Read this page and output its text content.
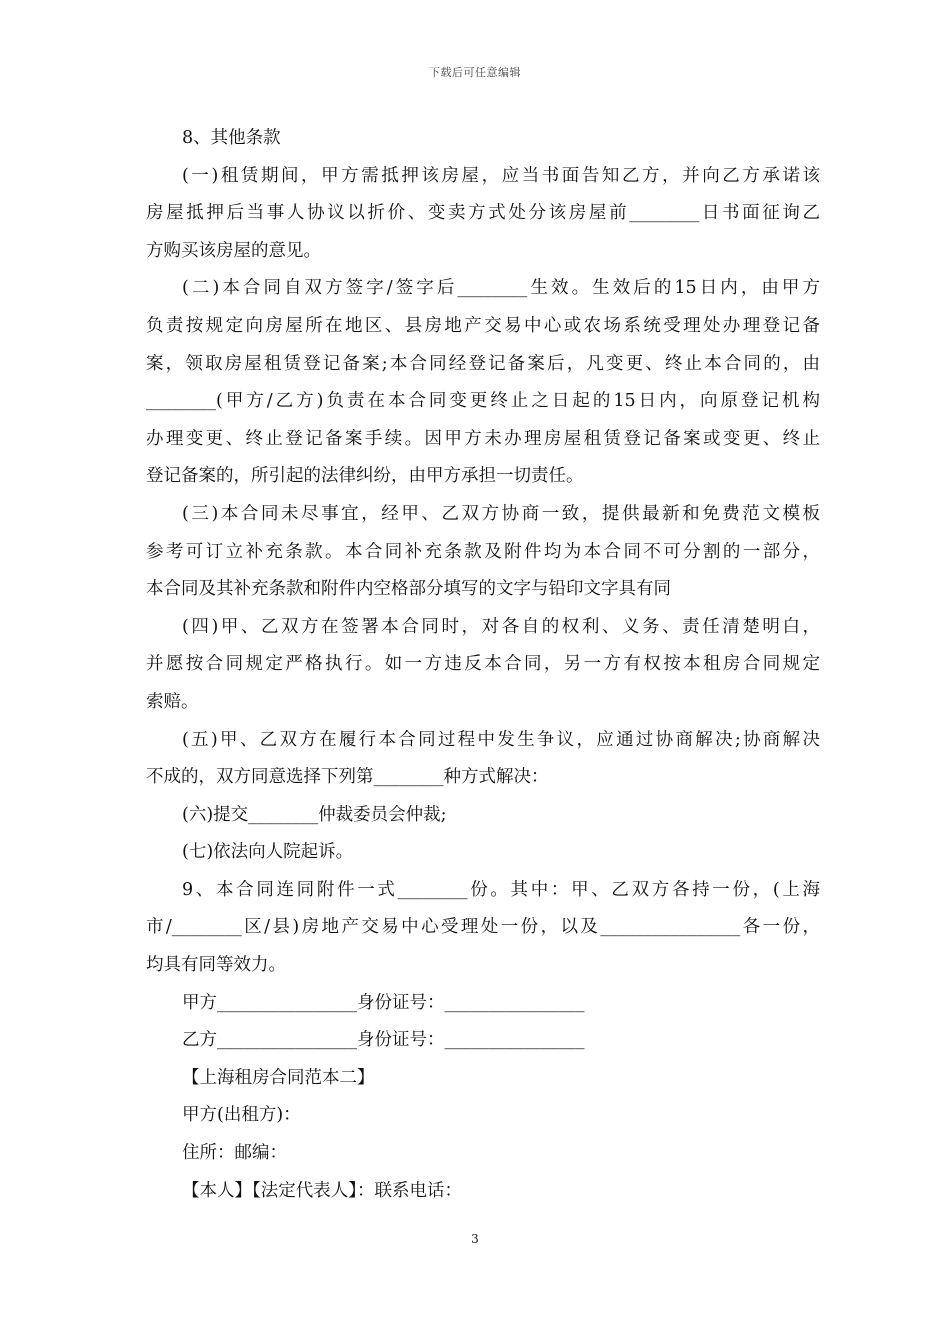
下载后可任意编辑
8、其他条款
(一)租赁期间，甲方需抵押该房屋，应当书面告知乙方，并向乙方承诺该
房屋抵押后当事人协议以折价、变卖方式处分该房屋前________日书面征询乙
方购买该房屋的意见。
(二)本合同自双方签字/签字后________生效。生效后的15日内，由甲方
负责按规定向房屋所在地区、县房地产交易中心或农场系统受理处办理登记备
案，领取房屋租赁登记备案;本合同经登记备案后，凡变更、终止本合同的，由
________(甲方/乙方)负责在本合同变更终止之日起的15日内，向原登记机构
办理变更、终止登记备案手续。因甲方未办理房屋租赁登记备案或变更、终止
登记备案的，所引起的法律纠纷，由甲方承担一切责任。
(三)本合同未尽事宜，经甲、乙双方协商一致，提供最新和免费范文模板
参考可订立补充条款。本合同补充条款及附件均为本合同不可分割的一部分，
本合同及其补充条款和附件内空格部分填写的文字与铅印文字具有同
(四)甲、乙双方在签署本合同时，对各自的权利、义务、责任清楚明白，
并愿按合同规定严格执行。如一方违反本合同，另一方有权按本租房合同规定
索赔。
(五)甲、乙双方在履行本合同过程中发生争议，应通过协商解决;协商解决
不成的，双方同意选择下列第________种方式解决：
(六)提交________仲裁委员会仲裁;
(七)依法向人院起诉。
9、本合同连同附件一式________份。其中：甲、乙双方各持一份，(上海
市/________区/县)房地产交易中心受理处一份，以及________________各一份，
均具有同等效力。
甲方________________身份证号：________________
乙方________________身份证号：________________
【上海租房合同范本二】
甲方(出租方)：
住所：邮编：
【本人】【法定代表人】：联系电话：
3
